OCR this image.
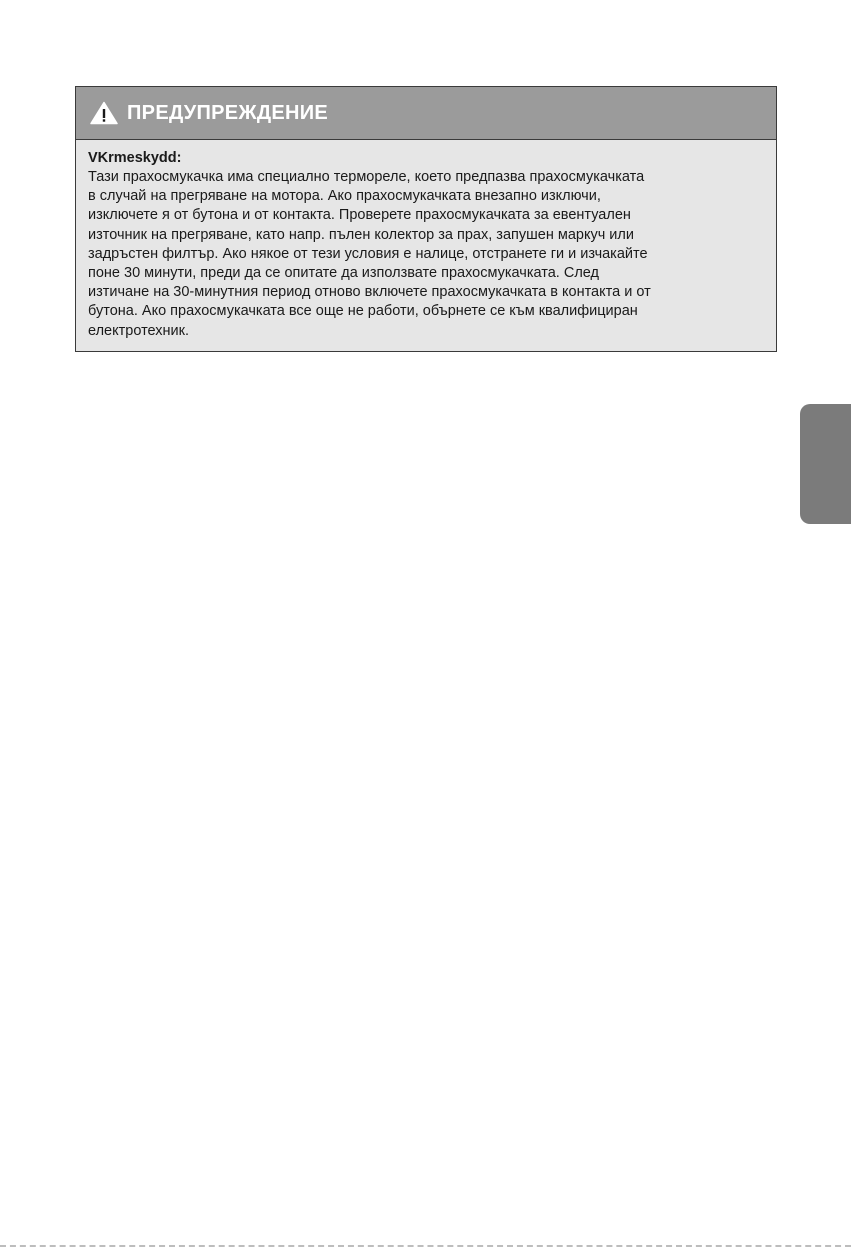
ПРЕДУПРЕЖДЕНИЕ

VKrmeskydd:

Тази прахосмукачка има специално термореле, което предпазва прахосмукачката
в случай на прегряване на мотора. Ако прахосмукачката внезапно изключи,
изключете я от бутона и от контакта. Проверете прахосмукачката за евентуален
източник на прегряване, като напр. пълен колектор за прах, запушен маркуч или
задръстен филтър. Ако някое от тези условия е налице, отстранете ги и изчакайте
поне 30 минути, преди да се опитате да използвате прахосмукачката. След
изтичане на 30-минутния период отново включете прахосмукачката в контакта и от
бутона. Ако прахосмукачката все още не работи, обърнете се към квалифициран
електротехник.
